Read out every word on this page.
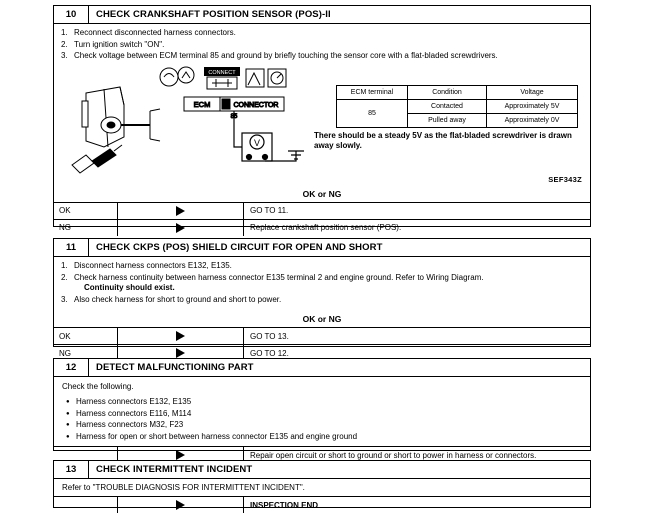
10	CHECK CRANKSHAFT POSITION SENSOR (POS)-II
1. Reconnect disconnected harness connectors.
2. Turn ignition switch "ON".
3. Check voltage between ECM terminal 85 and ground by briefly touching the sensor core with a flat-bladed screwdrivers.
CONNECT
ECM	CONNECTOR
85
V
ECM terminal	Condition	Voltage
85	Contacted	Approximately 5V
	Pulled away	Approximately 0V
There should be a steady 5V as the flat-bladed screwdriver is drawn away slowly.
SEF343Z
OK or NG
OK	GO TO 11.
NG	Replace crankshaft position sensor (POS).
11	CHECK CKPS (POS) SHIELD CIRCUIT FOR OPEN AND SHORT
1. Disconnect harness connectors E132, E135.
2. Check harness continuity between harness connector E135 terminal 2 and engine ground. Refer to Wiring Diagram.
Continuity should exist.
3. Also check harness for short to ground and short to power.
OK or NG
OK	GO TO 13.
NG	GO TO 12.
12	DETECT MALFUNCTIONING PART
Check the following.
● Harness connectors E132, E135
● Harness connectors E116, M114
● Harness connectors M32, F23
● Harness for open or short between harness connector E135 and engine ground
Repair open circuit or short to ground or short to power in harness or connectors.
13	CHECK INTERMITTENT INCIDENT
Refer to "TROUBLE DIAGNOSIS FOR INTERMITTENT INCIDENT".
INSPECTION END
